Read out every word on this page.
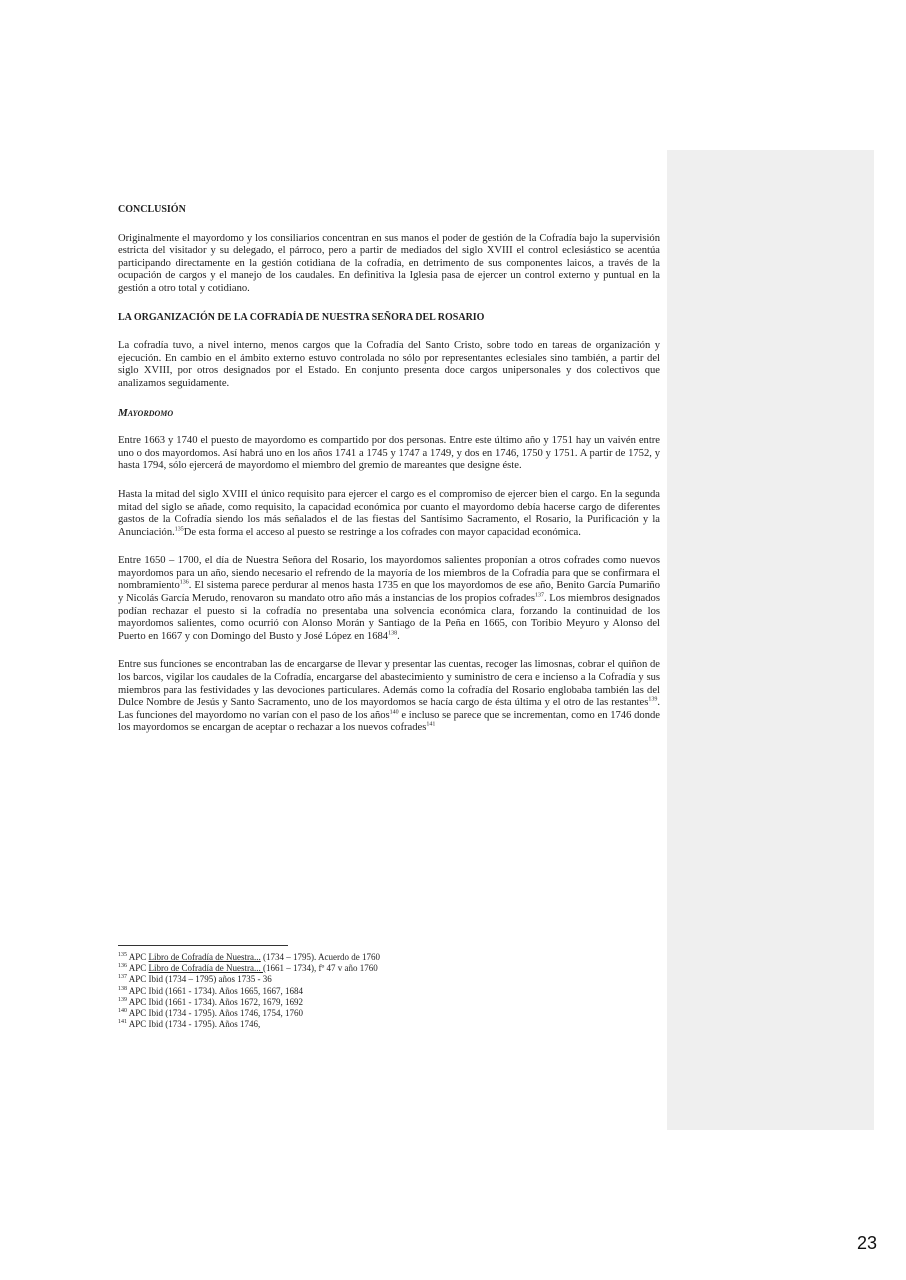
CONCLUSIÓN

Originalmente el mayordomo y los consiliarios concentran en sus manos el poder de gestión de la Cofradía bajo la supervisión estricta del visitador y su delegado, el párroco, pero a partir de mediados del siglo XVIII el control eclesiástico se acentúa participando directamente en la gestión cotidiana de la cofradía, en detrimento de sus componentes laicos, a través de la ocupación de cargos y el manejo de los caudales. En definitiva la Iglesia pasa de ejercer un control externo y puntual en la gestión a otro total y cotidiano.

LA ORGANIZACIÓN DE LA COFRADÍA DE NUESTRA SEÑORA DEL ROSARIO

La cofradía tuvo, a nivel interno, menos cargos que la Cofradía del Santo Cristo, sobre todo en tareas de organización y ejecución. En cambio en el ámbito externo estuvo controlada no sólo por representantes eclesiales sino también, a partir del siglo XVIII, por otros designados por el Estado. En conjunto presenta doce cargos unipersonales y dos colectivos que analizamos seguidamente.

Mayordomo

Entre 1663 y 1740 el puesto de mayordomo es compartido por dos personas. Entre este último año y 1751 hay un vaivén entre uno o dos mayordomos. Así habrá uno en los años 1741 a 1745 y 1747 a 1749, y dos en 1746, 1750 y 1751. A partir de 1752, y hasta 1794, sólo ejercerá de mayordomo el miembro del gremio de mareantes que designe éste.

Hasta la mitad del siglo XVIII el único requisito para ejercer el cargo es el compromiso de ejercer bien el cargo. En la segunda mitad del siglo se añade, como requisito, la capacidad económica por cuanto el mayordomo debía hacerse cargo de diferentes gastos de la Cofradía siendo los más señalados el de las fiestas del Santísimo Sacramento, el Rosario, la Purificación y la Anunciación.$^{135}$De esta forma el acceso al puesto se restringe a los cofrades con mayor capacidad económica.

Entre 1650 – 1700, el día de Nuestra Señora del Rosario, los mayordomos salientes proponían a otros cofrades como nuevos mayordomos para un año, siendo necesario el refrendo de la mayoría de los miembros de la Cofradía para que se confirmara el nombramiento$^{136}$. El sistema parece perdurar al menos hasta 1735 en que los mayordomos de ese año, Benito García Pumariño y Nicolás García Merudo, renovaron su mandato otro año más a instancias de los propios cofrades$^{137}$. Los miembros designados podían rechazar el puesto si la cofradía no presentaba una solvencia económica clara, forzando la continuidad de los mayordomos salientes, como ocurrió con Alonso Morán y Santiago de la Peña en 1665, con Toribio Meyuro y Alonso del Puerto en 1667 y con Domingo del Busto y José López en 1684$^{138}$.

Entre sus funciones se encontraban las de encargarse de llevar y presentar las cuentas, recoger las limosnas, cobrar el quiñon de los barcos, vigilar los caudales de la Cofradía, encargarse del abastecimiento y suministro de cera e incienso a la Cofradía y sus miembros para las festividades y las devociones particulares. Además como la cofradía del Rosario englobaba también las del Dulce Nombre de Jesús y Santo Sacramento, uno de los mayordomos se hacía cargo de ésta última y el otro de las restantes$^{139}$. Las funciones del mayordomo no varían con el paso de los años$^{140}$ e incluso se parece que se incrementan, como en 1746 donde los mayordomos se encargan de aceptar o rechazar a los nuevos cofrades$^{141}$

$^{135}$ APC Libro de Cofradía de Nuestra... (1734 – 1795). Acuerdo de 1760
$^{136}$ APC Libro de Cofradía de Nuestra... (1661 – 1734), fº 47 v año 1760
$^{137}$ APC Ibid (1734 – 1795) años 1735 - 36
$^{138}$ APC Ibid (1661 - 1734). Años 1665, 1667, 1684
$^{139}$ APC Ibid (1661 - 1734). Años 1672, 1679, 1692
$^{140}$ APC Ibid (1734 - 1795). Años 1746, 1754, 1760
$^{141}$ APC Ibid (1734 - 1795). Años 1746,
23
